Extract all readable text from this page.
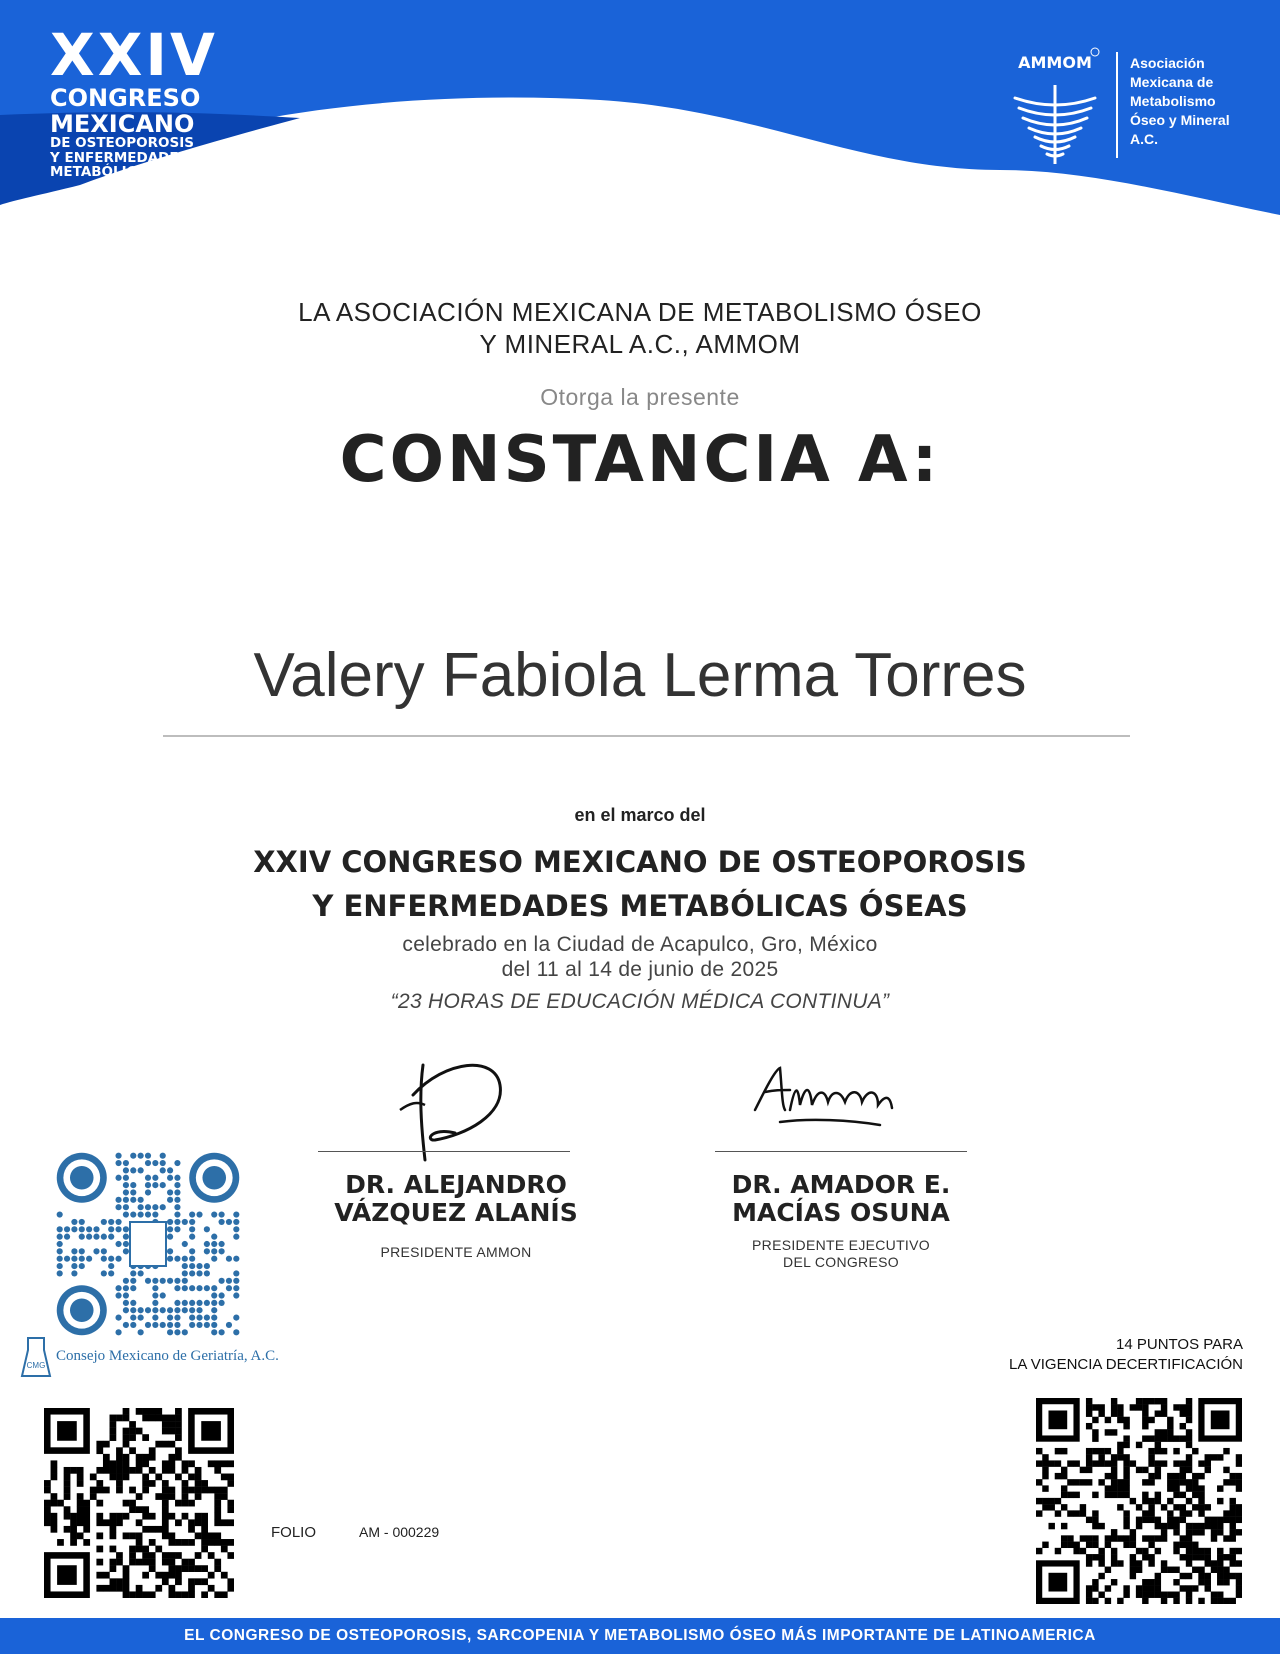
XXIV
CONGRESO
MEXICANO
DE OSTEOPOROSIS
Y ENFERMEDADES
METABÓLICAS ÓSEAS
AMMOM	Asociación
Mexicana de
Metabolismo
Óseo y Mineral
A.C.
LA ASOCIACIÓN MEXICANA DE METABOLISMO ÓSEO
Y MINERAL A.C., AMMOM
Otorga la presente
CONSTANCIA A:
Valery Fabiola Lerma Torres
en el marco del
XXIV CONGRESO MEXICANO DE OSTEOPOROSIS
Y ENFERMEDADES METABÓLICAS ÓSEAS
celebrado en la Ciudad de Acapulco, Gro, México
del 11 al 14 de junio de 2025
“23 HORAS DE EDUCACIÓN MÉDICA CONTINUA”
DR. ALEJANDRO
VÁZQUEZ ALANÍS
PRESIDENTE AMMON
DR. AMADOR E.
MACÍAS OSUNA
PRESIDENTE EJECUTIVO
DEL CONGRESO
CMG
Consejo Mexicano de Geriatría, A.C.
14 PUNTOS PARA
LA VIGENCIA DECERTIFICACIÓN
FOLIO	AM - 000229
EL CONGRESO DE OSTEOPOROSIS, SARCOPENIA Y METABOLISMO ÓSEO MÁS IMPORTANTE DE LATINOAMERICA
